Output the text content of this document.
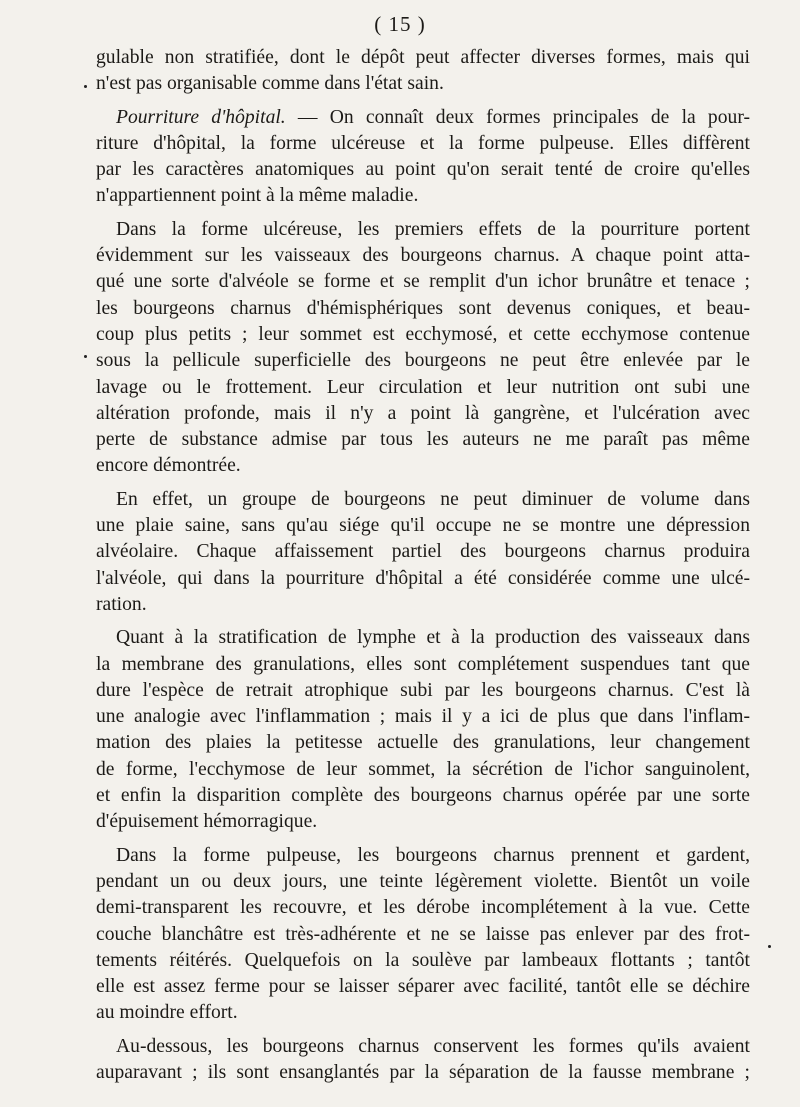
( 15 )

gulable non stratifiée, dont le dépôt peut affecter diverses formes, mais qui
n'est pas organisable comme dans l'état sain.

Pourriture d'hôpital. — On connaît deux formes principales de la pour-
riture d'hôpital, la forme ulcéreuse et la forme pulpeuse. Elles diffèrent
par les caractères anatomiques au point qu'on serait tenté de croire qu'elles
n'appartiennent point à la même maladie.

Dans la forme ulcéreuse, les premiers effets de la pourriture portent
évidemment sur les vaisseaux des bourgeons charnus. A chaque point atta-
qué une sorte d'alvéole se forme et se remplit d'un ichor brunâtre et tenace ;
les bourgeons charnus d'hémisphériques sont devenus coniques, et beau-
coup plus petits ; leur sommet est ecchymosé, et cette ecchymose contenue
sous la pellicule superficielle des bourgeons ne peut être enlevée par le
lavage ou le frottement. Leur circulation et leur nutrition ont subi une
altération profonde, mais il n'y a point là gangrène, et l'ulcération avec
perte de substance admise par tous les auteurs ne me paraît pas même
encore démontrée.

En effet, un groupe de bourgeons ne peut diminuer de volume dans
une plaie saine, sans qu'au siége qu'il occupe ne se montre une dépression
alvéolaire. Chaque affaissement partiel des bourgeons charnus produira
l'alvéole, qui dans la pourriture d'hôpital a été considérée comme une ulcé-
ration.

Quant à la stratification de lymphe et à la production des vaisseaux dans
la membrane des granulations, elles sont complétement suspendues tant que
dure l'espèce de retrait atrophique subi par les bourgeons charnus. C'est là
une analogie avec l'inflammation ; mais il y a ici de plus que dans l'inflam-
mation des plaies la petitesse actuelle des granulations, leur changement
de forme, l'ecchymose de leur sommet, la sécrétion de l'ichor sanguinolent,
et enfin la disparition complète des bourgeons charnus opérée par une sorte
d'épuisement hémorragique.

Dans la forme pulpeuse, les bourgeons charnus prennent et gardent,
pendant un ou deux jours, une teinte légèrement violette. Bientôt un voile
demi-transparent les recouvre, et les dérobe incomplétement à la vue. Cette
couche blanchâtre est très-adhérente et ne se laisse pas enlever par des frot-
tements réitérés. Quelquefois on la soulève par lambeaux flottants ; tantôt
elle est assez ferme pour se laisser séparer avec facilité, tantôt elle se déchire
au moindre effort.

Au-dessous, les bourgeons charnus conservent les formes qu'ils avaient
auparavant ; ils sont ensanglantés par la séparation de la fausse membrane ;
